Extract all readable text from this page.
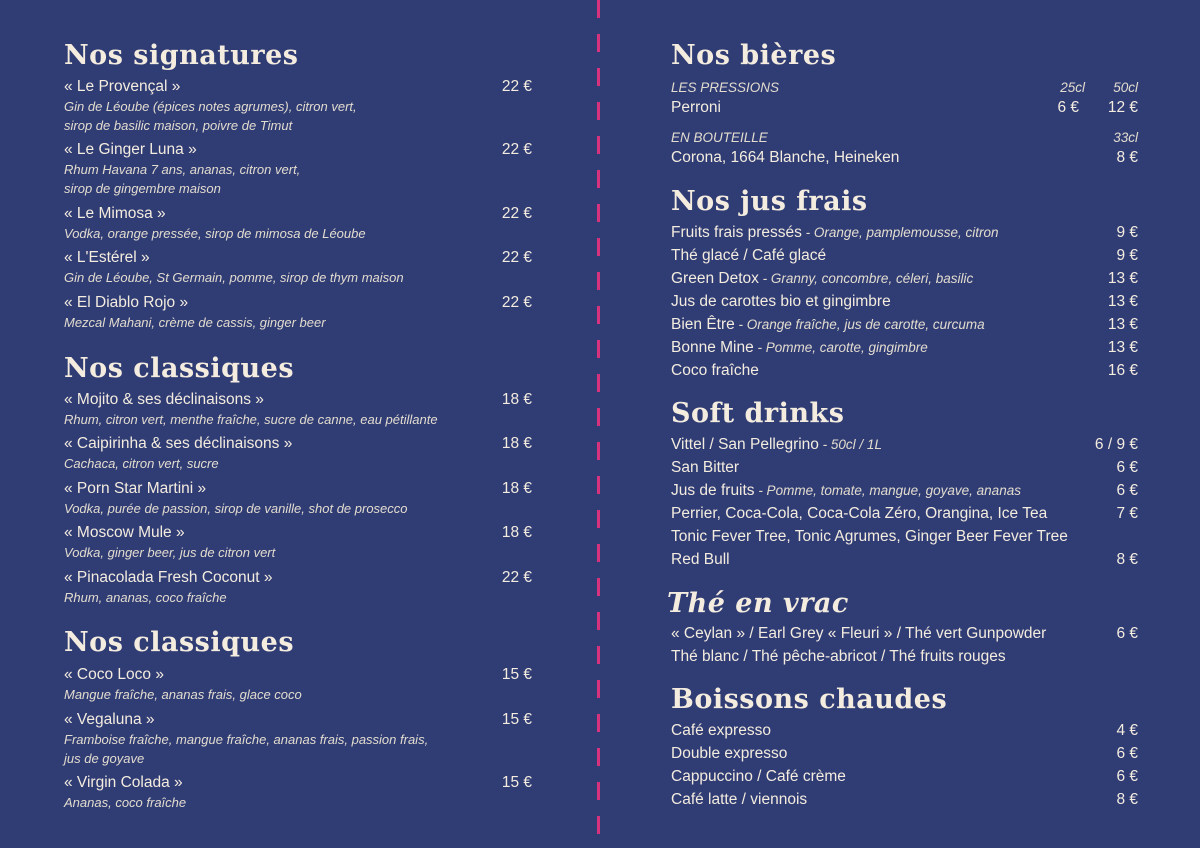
Nos signatures
« Le Provençal »	22 €
Gin de Léoube (épices notes agrumes), citron vert,
sirop de basilic maison, poivre de Timut
« Le Ginger Luna »	22 €
Rhum Havana 7 ans, ananas, citron vert,
sirop de gingembre maison
« Le Mimosa »	22 €
Vodka, orange pressée, sirop de mimosa de Léoube
« L'Estérel »	22 €
Gin de Léoube, St Germain, pomme, sirop de thym maison
« El Diablo Rojo »	22 €
Mezcal Mahani, crème de cassis, ginger beer
Nos classiques
« Mojito & ses déclinaisons »	18 €
Rhum, citron vert, menthe fraîche, sucre de canne, eau pétillante
« Caipirinha & ses déclinaisons »	18 €
Cachaca, citron vert, sucre
« Porn Star Martini »	18 €
Vodka, purée de passion, sirop de vanille, shot de prosecco
« Moscow Mule »	18 €
Vodka, ginger beer, jus de citron vert
« Pinacolada Fresh Coconut »	22 €
Rhum, ananas, coco fraîche
Nos classiques
« Coco Loco »	15 €
Mangue fraîche, ananas frais, glace coco
« Vegaluna »	15 €
Framboise fraîche, mangue fraîche, ananas frais, passion frais,
jus de goyave
« Virgin Colada »	15 €
Ananas, coco fraîche
Nos bières
LES PRESSIONS	25cl 50cl
Perroni	6 € 12 €
EN BOUTEILLE	33cl
Corona, 1664 Blanche, Heineken	8 €
Nos jus frais
Fruits frais pressés - Orange, pamplemousse, citron	9 €
Thé glacé / Café glacé	9 €
Green Detox - Granny, concombre, céleri, basilic	13 €
Jus de carottes bio et gingimbre	13 €
Bien Être - Orange fraîche, jus de carotte, curcuma	13 €
Bonne Mine - Pomme, carotte, gingimbre	13 €
Coco fraîche	16 €
Soft drinks
Vittel / San Pellegrino - 50cl / 1L	6 / 9 €
San Bitter	6 €
Jus de fruits - Pomme, tomate, mangue, goyave, ananas	6 €
Perrier, Coca-Cola, Coca-Cola Zéro, Orangina, Ice Tea	7 €
Tonic Fever Tree, Tonic Agrumes, Ginger Beer Fever Tree
Red Bull	8 €
Thé en vrac
« Ceylan » / Earl Grey « Fleuri » / Thé vert Gunpowder	6 €
Thé blanc / Thé pêche-abricot / Thé fruits rouges
Boissons chaudes
Café expresso	4 €
Double expresso	6 €
Cappuccino / Café crème	6 €
Café latte / viennois	8 €
